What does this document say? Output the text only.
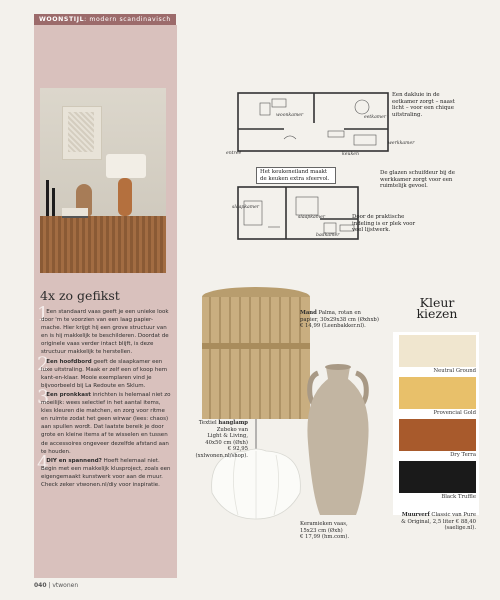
WOONSTIJL: modern scandinavisch
4x zo gefikst
1
Een standaard vaas geeft je een unieke look door 'm te voorzien van een laag papier-mache. Hier krijgt hij een grove structuur van en is hij makkelijk te beschilderen. Doordat de originele vaas verder intact blijft, is deze structuur makkelijk te herstellen.
2
Een hoofdbord geeft de slaapkamer een luxe uitstraling. Maak er zelf een of koop hem kant-en-klaar. Mooie exemplaren vind je bijvoorbeeld bij La Redoute en Sklum.
3
Een pronkkast inrichten is helemaal niet zo moeilijk: wees selectief in het aantal items, kies kleuren die matchen, en zorg voor ritme en ruimte zodat het geen wirwar (lees: chaos) aan spullen wordt. Dat laatste bereik je door grote en kleine items af te wisselen en tussen de accessoires ongeveer dezelfde afstand aan te houden.
4
DIY en spannend? Hoeft helemaal niet. Begin met een makkelijk klusproject, zoals een eigengemaakt kunstwerk voor aan de muur. Check zeker vtwonen.nl/diy voor inspiratie.
woonkamer	eetkamer
keuken
werkkamer
entree
slaapkamer
slaapkamer
badkamer
Een dakluie in de eetkamer zorgt – naast licht – voor een chique uitstraling.
Het keukeneiland maakt de keuken extra sfeervol.
De glazen schuifdeur bij de werkkamer zorgt voor een ruimtelijk gevoel.
Door de praktische indeling is er plek voor veel lijstwerk.
Mand Palma, rotan en papier, 30x29x38 cm (Øxhxb) € 14,99 (Leenbakker.nl).
Textiel hanglamp
Zubeko van
Light & Living,
40x50 cm (Øxh)
€ 92,95
(xxlwonen.nl/shop).
Keramieken vaas,
15x23 cm (Øxh)
€ 17,99 (hm.com).
Kleur
kiezen
Neutral Ground
Provencial Gold
Dry Terra
Black Truffle
Muurverf Classic van Pure & Original, 2,5 liter € 88,40 (saelige.nl).
040 | vtwonen
